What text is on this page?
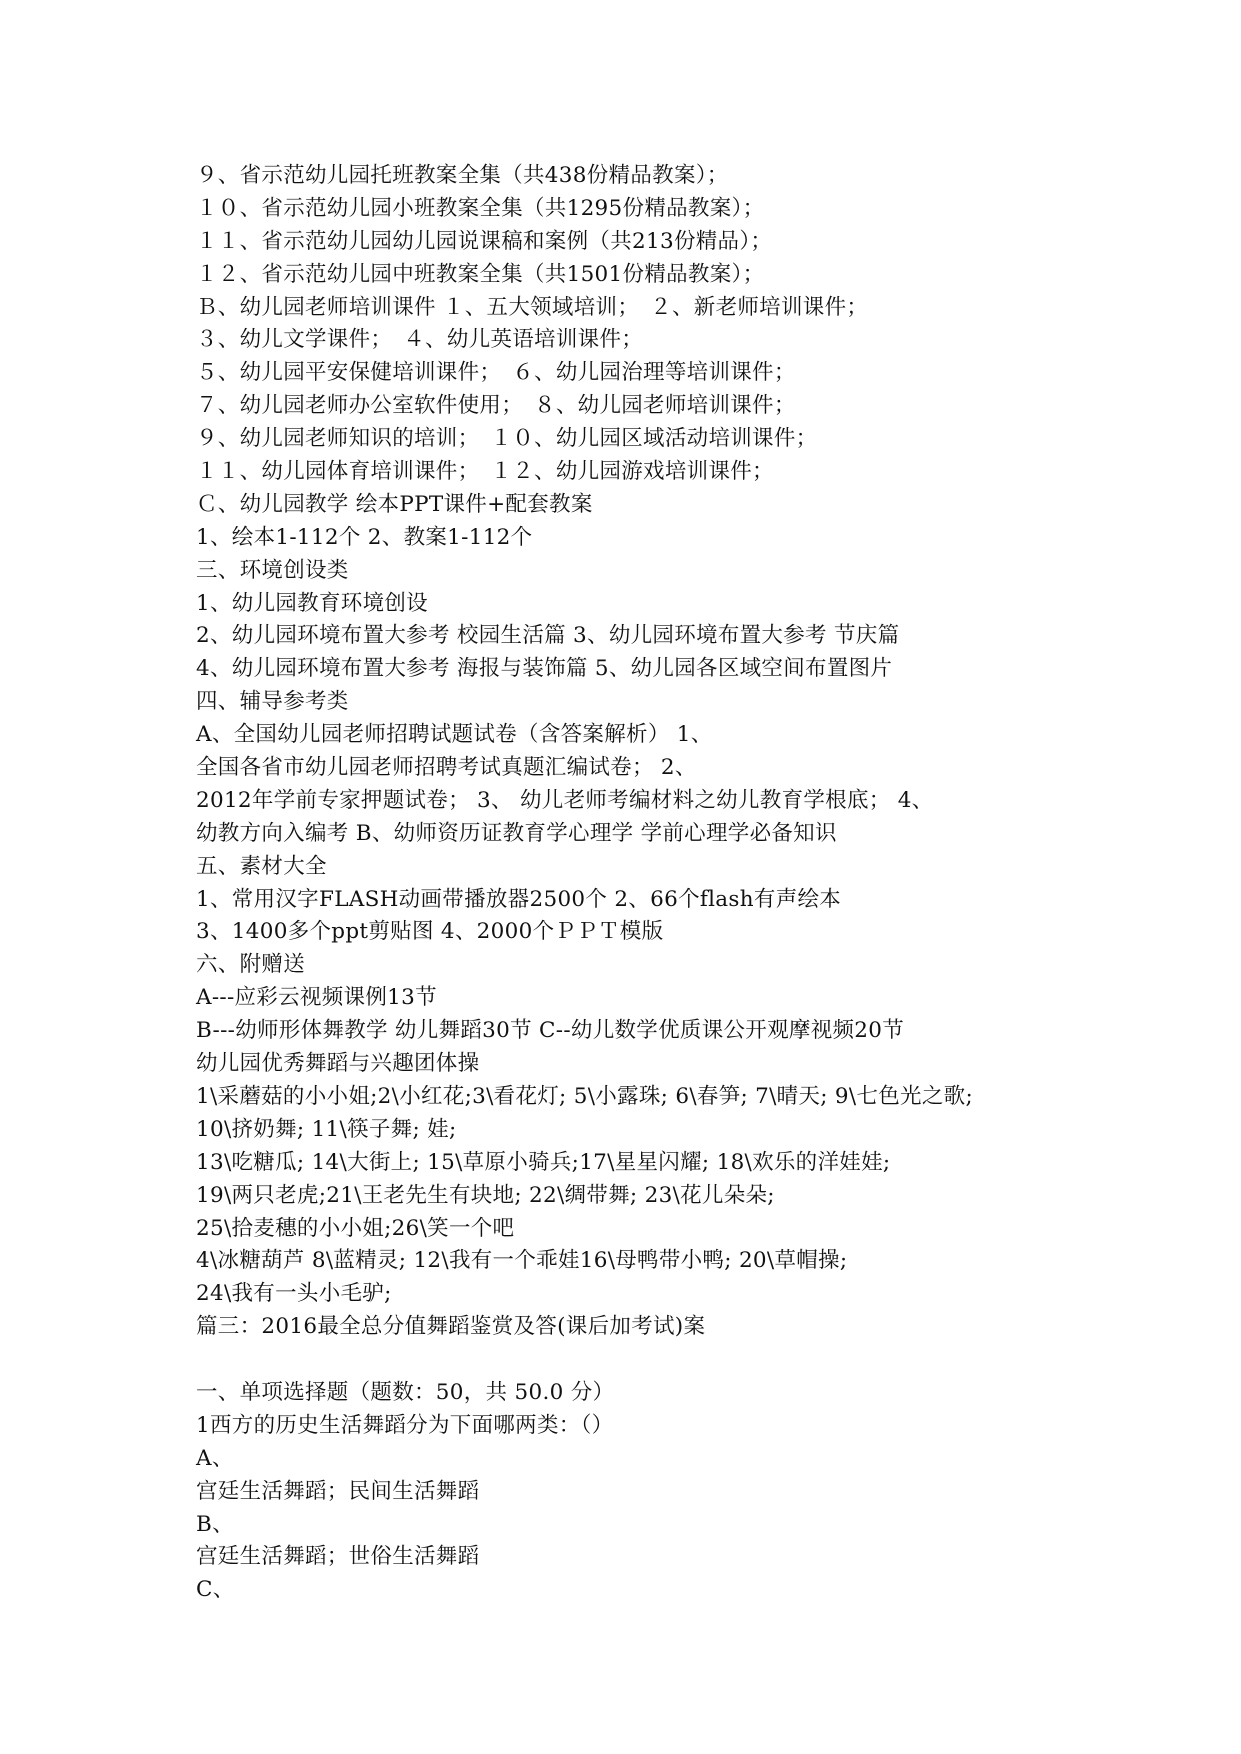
９、省示范幼儿园托班教案全集（共438份精品教案）；
１０、省示范幼儿园小班教案全集（共1295份精品教案）；
１１、省示范幼儿园幼儿园说课稿和案例（共213份精品）；
１２、省示范幼儿园中班教案全集（共1501份精品教案）；
Ｂ、幼儿园老师培训课件 １、五大领域培训；　２、新老师培训课件；
３、幼儿文学课件；　４、幼儿英语培训课件；
５、幼儿园平安保健培训课件；　６、幼儿园治理等培训课件；
７、幼儿园老师办公室软件使用；　８、幼儿园老师培训课件；
９、幼儿园老师知识的培训；　１０、幼儿园区域活动培训课件；
１１、幼儿园体育培训课件；　１２、幼儿园游戏培训课件；
Ｃ、幼儿园教学 绘本PPT课件+配套教案
1、绘本1-112个 2、教案1-112个
三、环境创设类
1、幼儿园教育环境创设
2、幼儿园环境布置大参考 校园生活篇 3、幼儿园环境布置大参考 节庆篇
4、幼儿园环境布置大参考 海报与装饰篇 5、幼儿园各区域空间布置图片
四、辅导参考类
A、全国幼儿园老师招聘试题试卷（含答案解析） 1、
全国各省市幼儿园老师招聘考试真题汇编试卷； 2、
2012年学前专家押题试卷； 3、 幼儿老师考编材料之幼儿教育学根底； 4、
幼教方向入编考 B、幼师资历证教育学心理学 学前心理学必备知识
五、素材大全
1、常用汉字FLASH动画带播放器2500个 2、66个flash有声绘本
3、1400多个ppt剪贴图 4、2000个ＰＰＴ模版
六、附赠送
A---应彩云视频课例13节
B---幼师形体舞教学 幼儿舞蹈30节 C--幼儿数学优质课公开观摩视频20节
幼儿园优秀舞蹈与兴趣团体操
1\采蘑菇的小小姐;2\小红花;3\看花灯; 5\小露珠; 6\春笋; 7\晴天; 9\七色光之歌;
10\挤奶舞; 11\筷子舞; 娃;
13\吃糖瓜; 14\大街上; 15\草原小骑兵;17\星星闪耀; 18\欢乐的洋娃娃;
19\两只老虎;21\王老先生有块地; 22\绸带舞; 23\花儿朵朵;
25\拾麦穗的小小姐;26\笑一个吧
4\冰糖葫芦 8\蓝精灵; 12\我有一个乖娃16\母鸭带小鸭; 20\草帽操;
24\我有一头小毛驴;
篇三：2016最全总分值舞蹈鉴赏及答(课后加考试)案
一、单项选择题（题数：50，共 50.0 分）
1西方的历史生活舞蹈分为下面哪两类：（）
A、
宫廷生活舞蹈；民间生活舞蹈
B、
宫廷生活舞蹈；世俗生活舞蹈
C、
